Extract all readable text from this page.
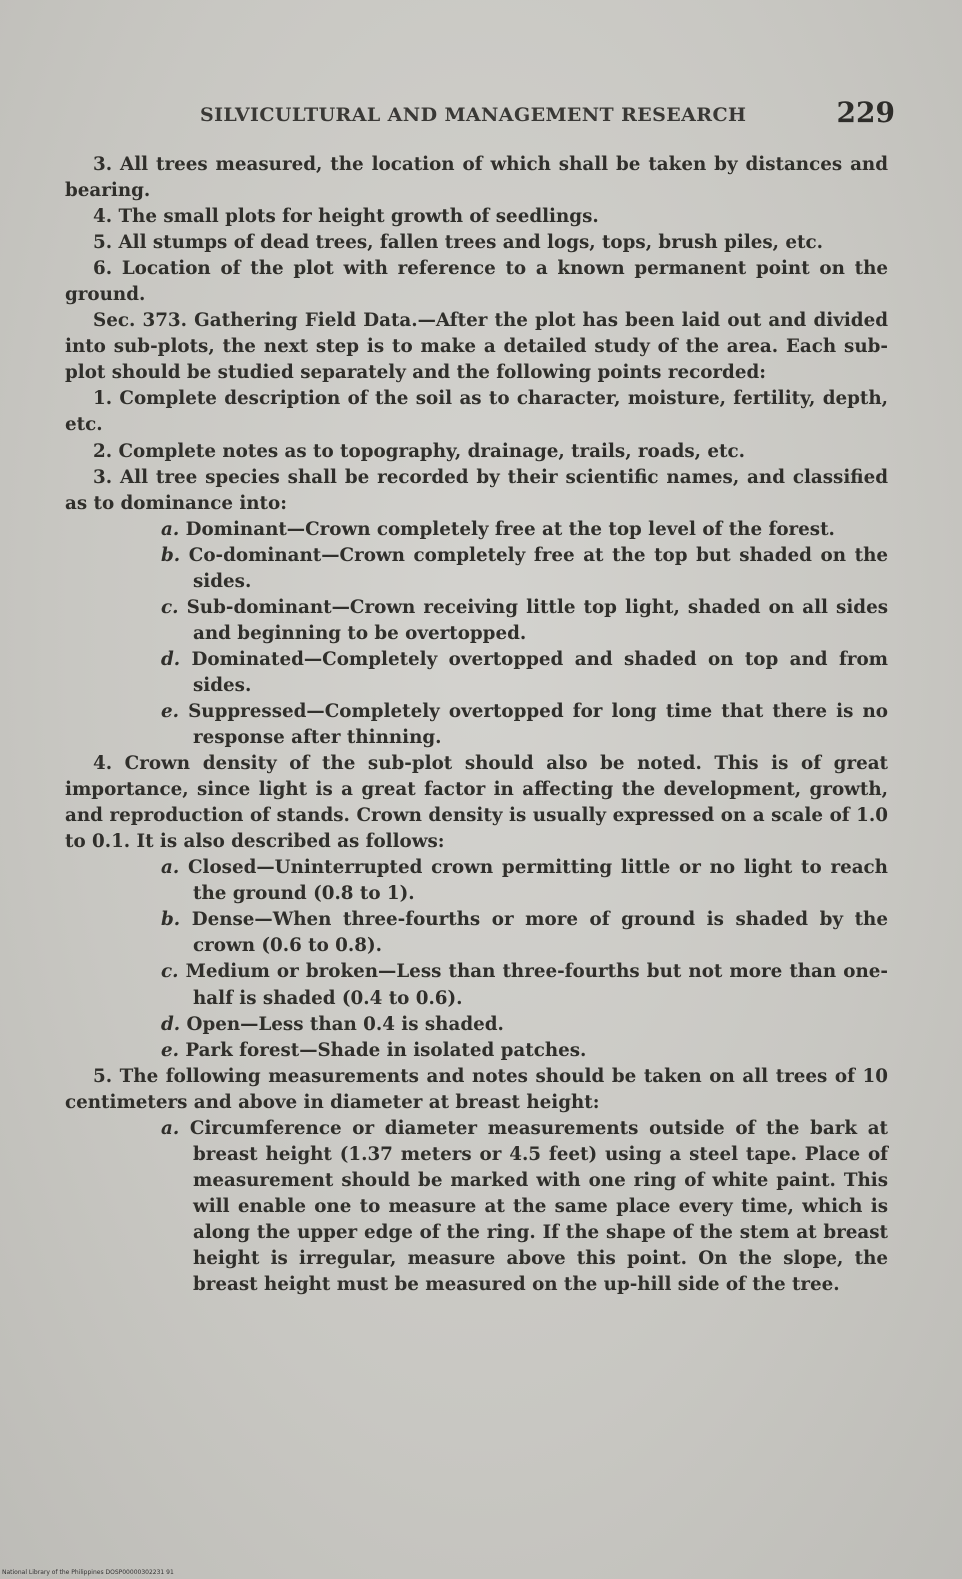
SILVICULTURAL AND MANAGEMENT RESEARCH	229

3. All trees measured, the location of which shall be taken by distances and bearing.

4. The small plots for height growth of seedlings.

5. All stumps of dead trees, fallen trees and logs, tops, brush piles, etc.

6. Location of the plot with reference to a known permanent point on the ground.

Sec. 373. Gathering Field Data.—After the plot has been laid out and divided into sub-plots, the next step is to make a detailed study of the area. Each sub-plot should be studied separately and the following points recorded:

1. Complete description of the soil as to character, moisture, fertility, depth, etc.

2. Complete notes as to topography, drainage, trails, roads, etc.

3. All tree species shall be recorded by their scientific names, and classified as to dominance into:

a. Dominant—Crown completely free at the top level of the forest.

b. Co-dominant—Crown completely free at the top but shaded on the sides.

c. Sub-dominant—Crown receiving little top light, shaded on all sides and beginning to be overtopped.

d. Dominated—Completely overtopped and shaded on top and from sides.

e. Suppressed—Completely overtopped for long time that there is no response after thinning.

4. Crown density of the sub-plot should also be noted. This is of great importance, since light is a great factor in affecting the development, growth, and reproduction of stands. Crown density is usually expressed on a scale of 1.0 to 0.1. It is also described as follows:

a. Closed—Uninterrupted crown permitting little or no light to reach the ground (0.8 to 1).

b. Dense—When three-fourths or more of ground is shaded by the crown (0.6 to 0.8).

c. Medium or broken—Less than three-fourths but not more than one-half is shaded (0.4 to 0.6).

d. Open—Less than 0.4 is shaded.

e. Park forest—Shade in isolated patches.

5. The following measurements and notes should be taken on all trees of 10 centimeters and above in diameter at breast height:

a. Circumference or diameter measurements outside of the bark at breast height (1.37 meters or 4.5 feet) using a steel tape. Place of measurement should be marked with one ring of white paint. This will enable one to measure at the same place every time, which is along the upper edge of the ring. If the shape of the stem at breast height is irregular, measure above this point. On the slope, the breast height must be measured on the up-hill side of the tree.

National Library of the Philippines DOSP00000302231 91
